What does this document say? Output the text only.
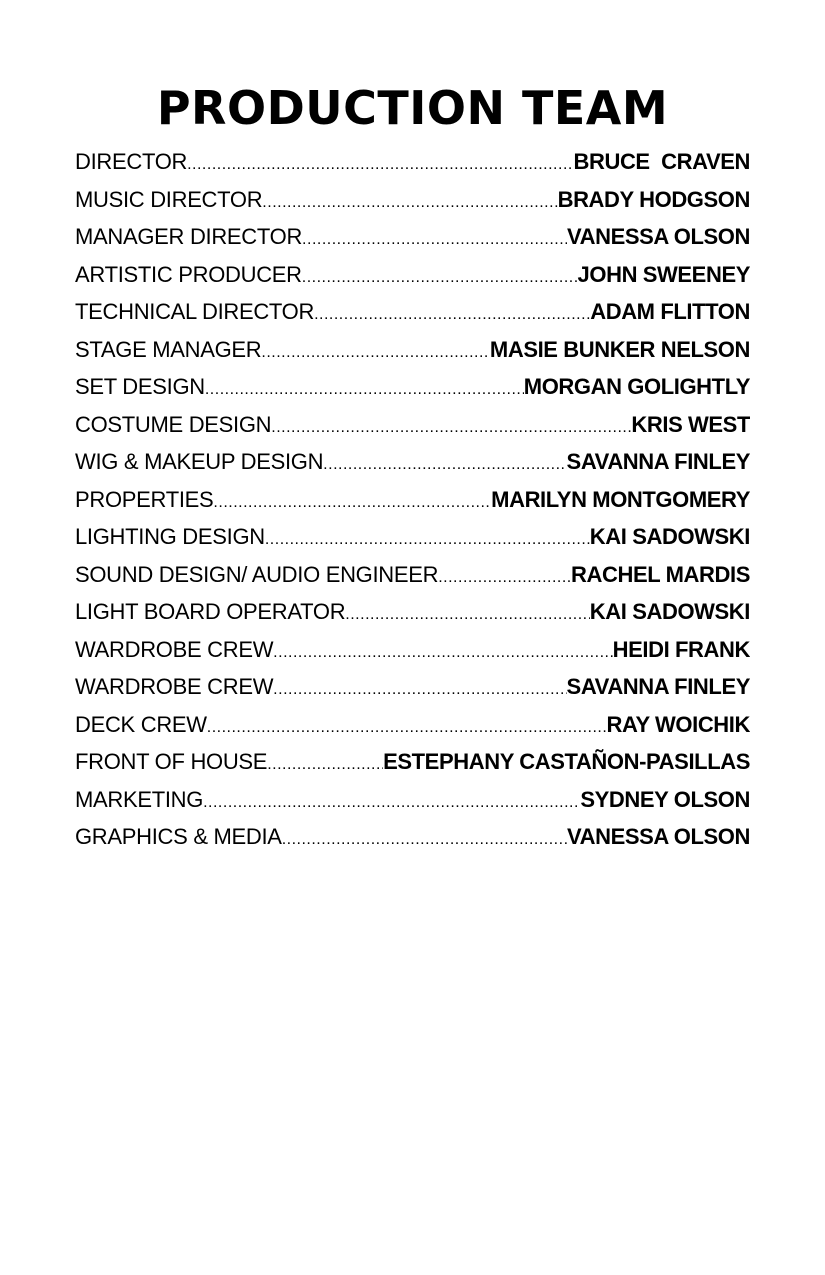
PRODUCTION TEAM
DIRECTOR .....	BRUCE  CRAVEN
MUSIC DIRECTOR .....	BRADY HODGSON
MANAGER DIRECTOR .....	VANESSA OLSON
ARTISTIC PRODUCER .....	JOHN SWEENEY
TECHNICAL DIRECTOR .....	ADAM FLITTON
STAGE MANAGER .....	MASIE BUNKER NELSON
SET DESIGN .....	MORGAN GOLIGHTLY
COSTUME DESIGN .....	KRIS WEST
WIG & MAKEUP DESIGN .....	SAVANNA FINLEY
PROPERTIES .....	MARILYN MONTGOMERY
LIGHTING DESIGN .....	KAI SADOWSKI
SOUND DESIGN/ AUDIO ENGINEER .....	RACHEL MARDIS
LIGHT BOARD OPERATOR .....	KAI SADOWSKI
WARDROBE CREW .....	HEIDI FRANK
WARDROBE CREW .....	SAVANNA FINLEY
DECK CREW .....	RAY WOICHIK
FRONT OF HOUSE .....	ESTEPHANY CASTAÑON-PASILLAS
MARKETING .....	SYDNEY OLSON
GRAPHICS & MEDIA .....	VANESSA OLSON
